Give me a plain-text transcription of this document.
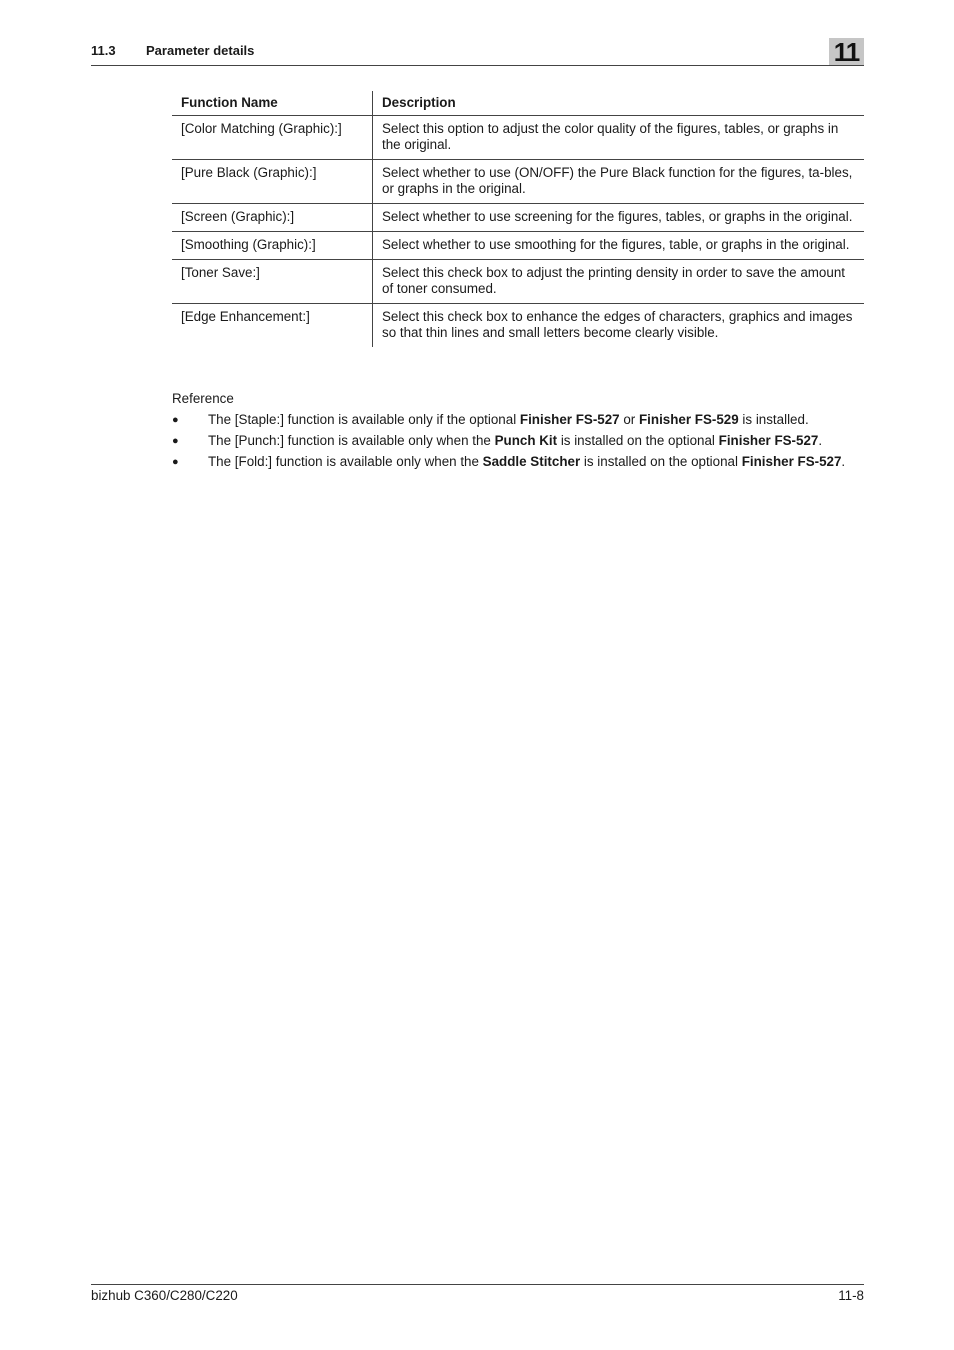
11.3 Parameter details	11
Function Name	Description
[Color Matching (Graphic):]	Select this option to adjust the color quality of the figures, tables, or graphs in the original.
[Pure Black (Graphic):]	Select whether to use (ON/OFF) the Pure Black function for the figures, ta-bles, or graphs in the original.
[Screen (Graphic):]	Select whether to use screening for the figures, tables, or graphs in the original.
[Smoothing (Graphic):]	Select whether to use smoothing for the figures, table, or graphs in the original.
[Toner Save:]	Select this check box to adjust the printing density in order to save the amount of toner consumed.
[Edge Enhancement:]	Select this check box to enhance the edges of characters, graphics and images so that thin lines and small letters become clearly visible.
Reference
● The [Staple:] function is available only if the optional Finisher FS-527 or Finisher FS-529 is installed.
● The [Punch:] function is available only when the Punch Kit is installed on the optional Finisher FS-527.
● The [Fold:] function is available only when the Saddle Stitcher is installed on the optional Finisher FS-527.
bizhub C360/C280/C220	11-8
